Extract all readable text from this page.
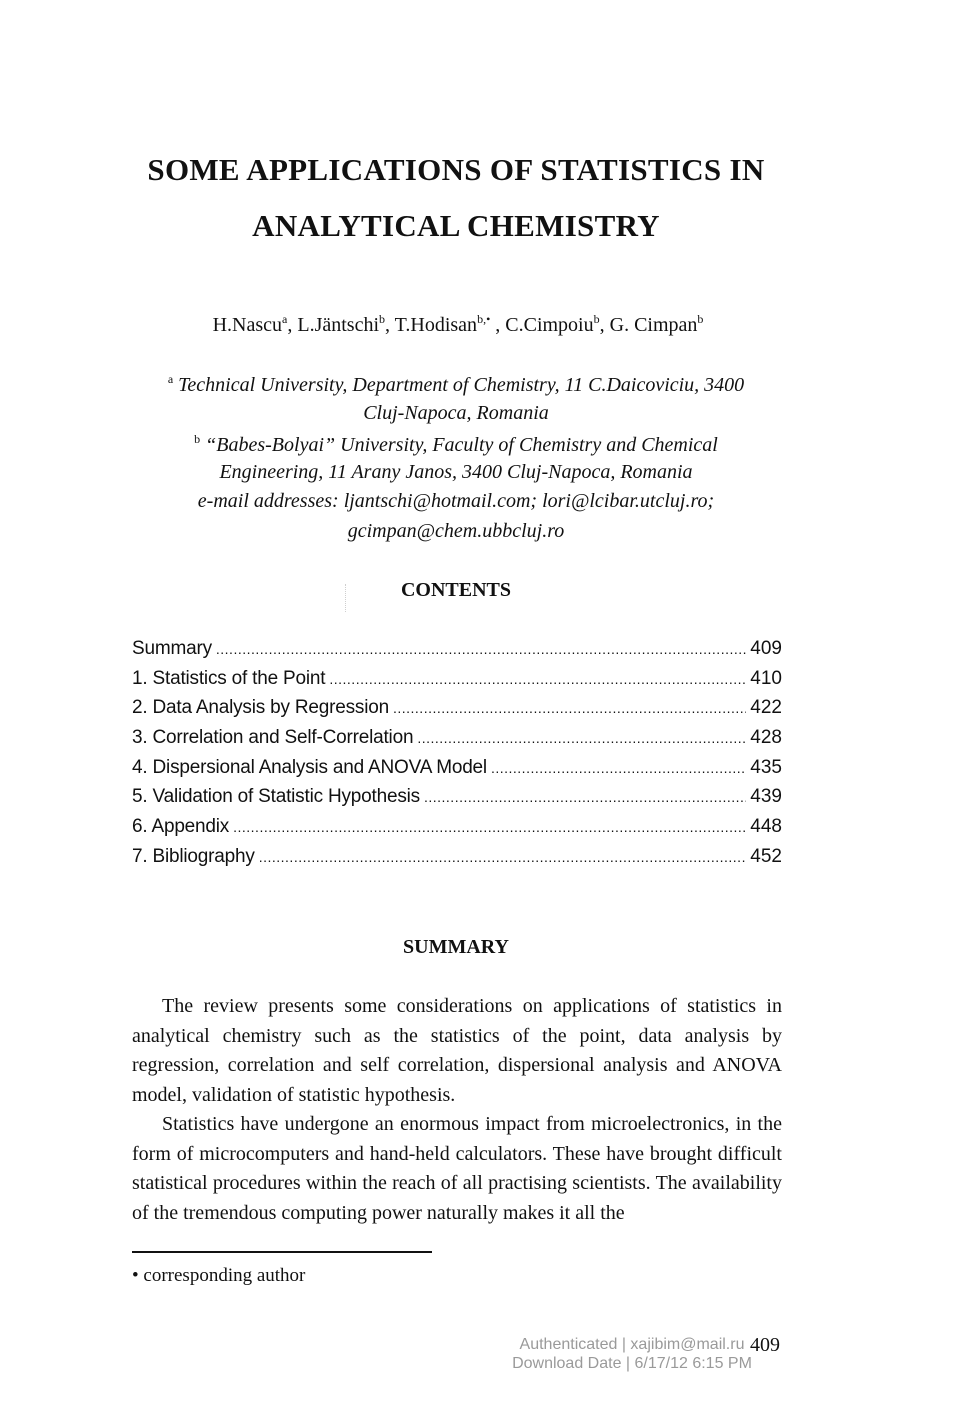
SOME APPLICATIONS OF STATISTICS IN
ANALYTICAL CHEMISTRY
H.Nascu$^a$, L.Jäntschi$^b$, T.Hodisan$^{b,•}$ , C.Cimpoiu$^b$, G. Cimpan$^b$
$^a$ Technical University, Department of Chemistry, 11 C.Daicoviciu, 3400
Cluj-Napoca, Romania
$^b$ “Babes-Bolyai” University, Faculty of Chemistry and Chemical
Engineering, 11 Arany Janos, 3400 Cluj-Napoca, Romania
e-mail addresses: ljantschi@hotmail.com; lori@lcibar.utcluj.ro;
gcimpan@chem.ubbcluj.ro
CONTENTS
Summary .....	409
1. Statistics of the Point .....	410
2. Data Analysis by Regression .....	422
3. Correlation and Self-Correlation .....	428
4. Dispersional Analysis and ANOVA Model .....	435
5. Validation of Statistic Hypothesis .....	439
6. Appendix .....	448
7. Bibliography .....	452
SUMMARY

The review presents some considerations on applications of statistics in analytical chemistry such as the statistics of the point, data analysis by regression, correlation and self correlation, dispersional analysis and ANOVA model, validation of statistic hypothesis.

Statistics have undergone an enormous impact from microelectronics, in the form of microcomputers and hand-held calculators. These have brought difficult statistical procedures within the reach of all practising scientists. The availability of the tremendous computing power naturally makes it all the

• corresponding author
Authenticated | xajibim@mail.ru
Download Date | 6/17/12 6:15 PM
409
